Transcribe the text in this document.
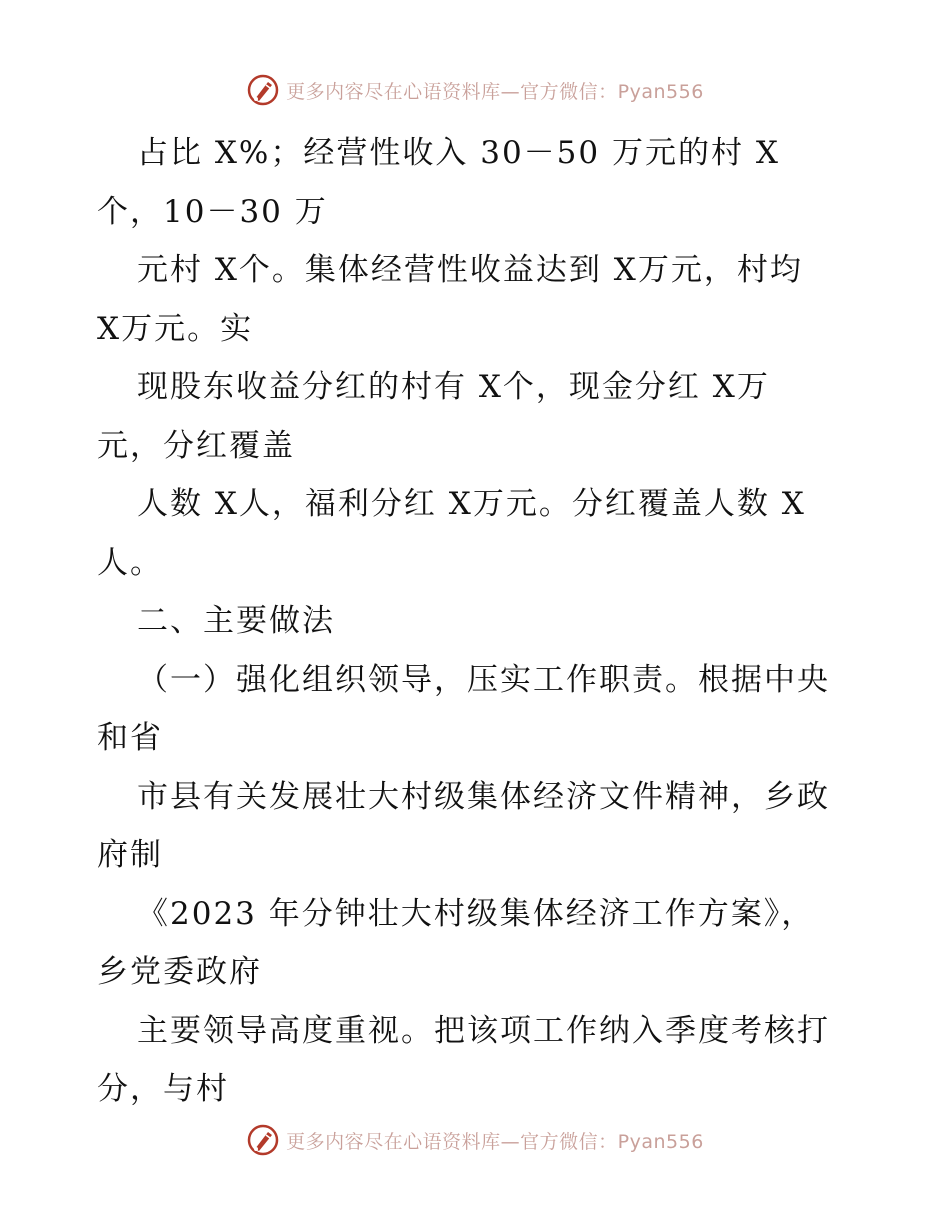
更多内容尽在心语资料库—官方微信：Pyan556
占比 X%；经营性收入 30－50 万元的村 X
个，10－30 万
元村 X个。集体经营性收益达到 X万元，村均
X万元。实
现股东收益分红的村有 X个，现金分红 X万
元，分红覆盖
人数 X人，福利分红 X万元。分红覆盖人数 X
人。
二、主要做法
（一）强化组织领导，压实工作职责。根据中央
和省
市县有关发展壮大村级集体经济文件精神，乡政
府制
《2023 年分钟壮大村级集体经济工作方案》，
乡党委政府
主要领导高度重视。把该项工作纳入季度考核打
分，与村
更多内容尽在心语资料库—官方微信：Pyan556
